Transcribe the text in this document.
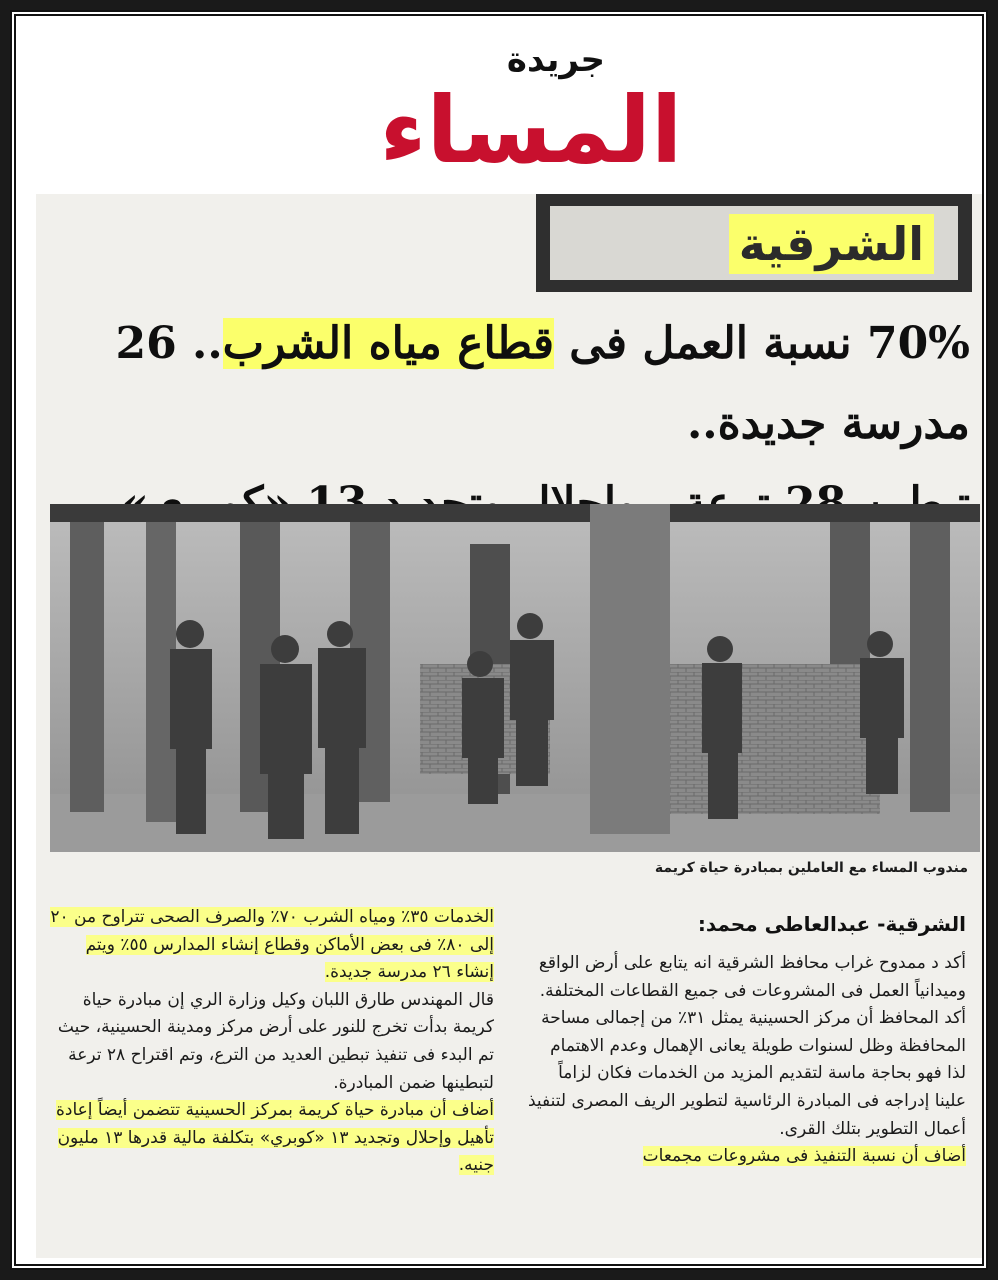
جريدة
المساء
الشرقية
70% نسبة العمل فى قطاع مياه الشرب.. 26 مدرسة جديدة..
مندوب المساء مع العاملين بمبادرة حياة كريمة
الشرقية- عبدالعاطى محمد:

أكد د ممدوح غراب محافظ الشرقية انه يتابع على أرض الواقع وميدانياً العمل فى المشروعات فى جميع القطاعات المختلفة.

أكد المحافظ أن مركز الحسينية يمثل ٣١٪ من إجمالى مساحة المحافظة وظل لسنوات طويلة يعانى الإهمال وعدم الاهتمام لذا فهو بحاجة ماسة لتقديم المزيد من الخدمات فكان لزاماً علينا إدراجه فى المبادرة الرئاسية لتطوير الريف المصرى لتنفيذ أعمال التطوير بتلك القرى.

أضاف أن نسبة التنفيذ فى مشروعات مجمعات

الخدمات ٣٥٪ ومياه الشرب ٧٠٪ والصرف الصحى تتراوح من ٢٠ إلى ٨٠٪ فى بعض الأماكن وقطاع إنشاء المدارس ٥٥٪ ويتم إنشاء ٢٦ مدرسة جديدة.

قال المهندس طارق اللبان وكيل وزارة الري إن مبادرة حياة كريمة بدأت تخرج للنور على أرض مركز ومدينة الحسينية، حيث تم البدء فى تنفيذ تبطين العديد من الترع، وتم اقتراح ٢٨ ترعة لتبطينها ضمن المبادرة.

أضاف أن مبادرة حياة كريمة بمركز الحسينية تتضمن أيضاً إعادة تأهيل وإحلال وتجديد ١٣ «كوبري» بتكلفة مالية قدرها ١٣ مليون جنيه.
